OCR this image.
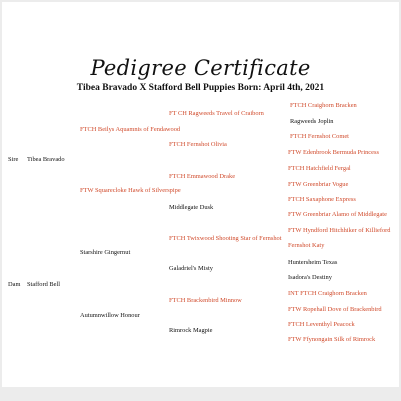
Pedigree Certificate
Tibea Bravado X Stafford Bell Puppies Born: April 4th, 2021
Sire Tibea Bravado
Dam Stafford Bell
FTCH Beilys Aquamnis of Fendawood
FTW Squarecloke Hawk of Silverspipe
Starshire Gingernut
Autumnwillow Honour
FT CH Ragweeds Travel of Craiborn
FTCH Fernshot Olivia
FTCH Emmawood Drake
Middlegate Dusk
FTCH Twixwood Shooting Star of Fernshot
Galadriel's Misty
FTCH Brackenbird Minnow
Rimrock Magpie
FTCH Craighorn Bracken
Ragweeds Joplin
FTCH Fernshot Comet
FTW Edenbrook Bermuda Princess
FTCH Hatchfield Fergal
FTW Greenbriar Vogue
FTCH Saxaphone Express
FTW Greenbriar Alamo of Middlegate
FTW Hyndford Hitchhiker of Killieford
Fernshot Katy
Huntersheim Texas
Isadora's Destiny
INT FTCH Craighorn Bracken
FTW Ropehall Dove of Brackenbird
FTCH Leventhyl Peacock
FTW Ffynongain Silk of Rimrock
